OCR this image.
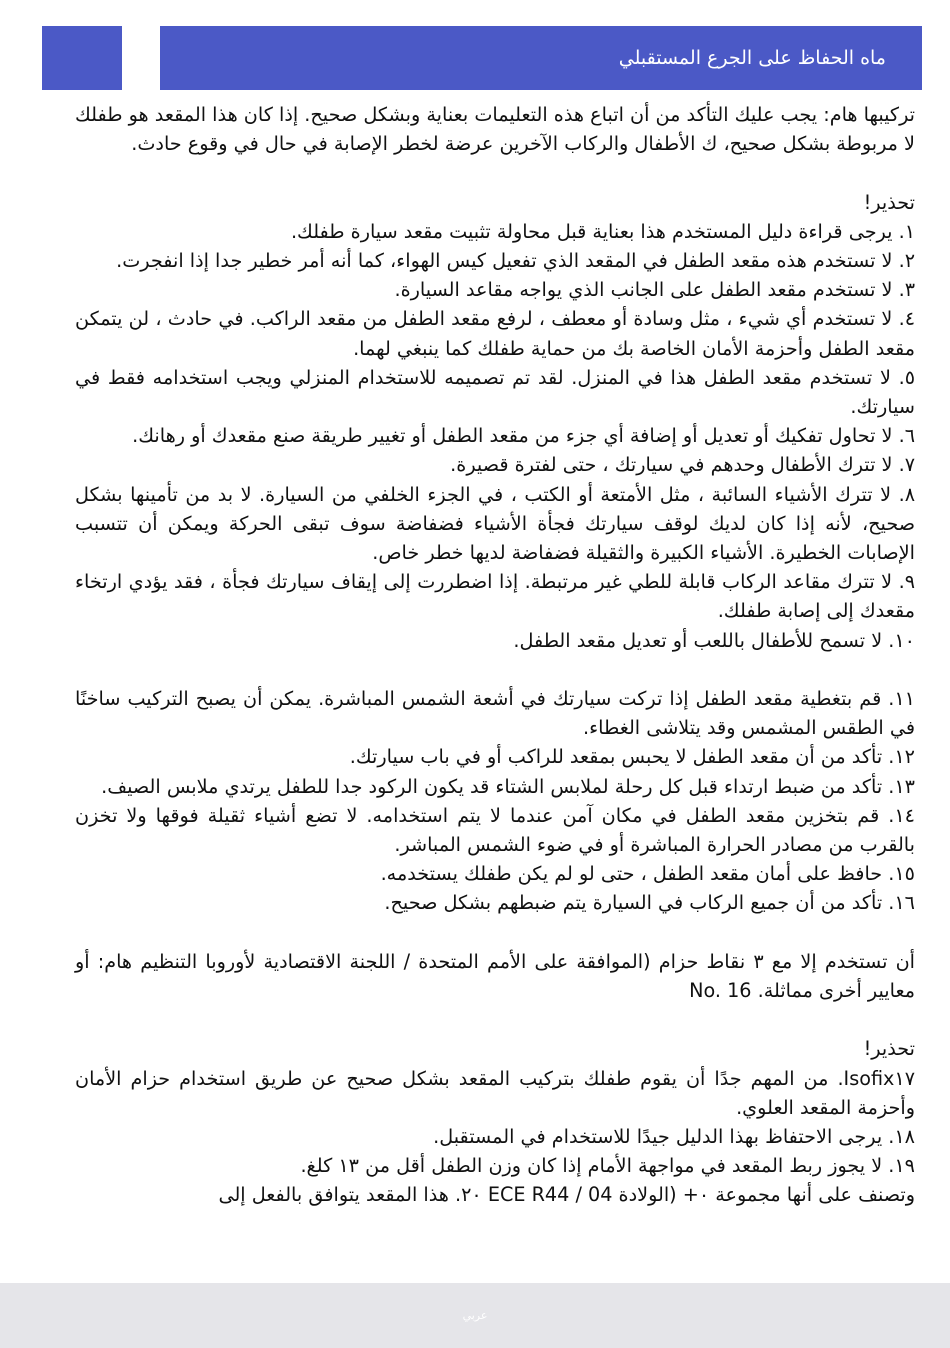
ماه الحفاظ على الجرع المستقبلي

تركيبها هام: يجب عليك التأكد من أن اتباع هذه التعليمات بعناية وبشكل صحيح. إذا كان هذا المقعد هو طفلك لا مربوطة بشكل صحيح، ك الأطفال والركاب الآخرين عرضة لخطر الإصابة في حال في وقوع حادث.

تحذير!

١. يرجى قراءة دليل المستخدم هذا بعناية قبل محاولة تثبيت مقعد سيارة طفلك.

٢. لا تستخدم هذه مقعد الطفل في المقعد الذي تفعيل كيس الهواء، كما أنه أمر خطير جدا إذا انفجرت.

٣. لا تستخدم مقعد الطفل على الجانب الذي يواجه مقاعد السيارة.

٤. لا تستخدم أي شيء ، مثل وسادة أو معطف ، لرفع مقعد الطفل من مقعد الراكب. في حادث ، لن يتمكن مقعد الطفل وأحزمة الأمان الخاصة بك من حماية طفلك كما ينبغي لهما.

٥. لا تستخدم مقعد الطفل هذا في المنزل. لقد تم تصميمه للاستخدام المنزلي ويجب استخدامه فقط في سيارتك.

٦. لا تحاول تفكيك أو تعديل أو إضافة أي جزء من مقعد الطفل أو تغيير طريقة صنع مقعدك أو رهانك.

٧. لا تترك الأطفال وحدهم في سيارتك ، حتى لفترة قصيرة.

٨. لا تترك الأشياء السائبة ، مثل الأمتعة أو الكتب ، في الجزء الخلفي من السيارة. لا بد من تأمينها بشكل صحيح، لأنه إذا كان لديك لوقف سيارتك فجأة الأشياء فضفاضة سوف تبقى الحركة ويمكن أن تتسبب الإصابات الخطيرة. الأشياء الكبيرة والثقيلة فضفاضة لديها خطر خاص.

٩. لا تترك مقاعد الركاب قابلة للطي غير مرتبطة. إذا اضطررت إلى إيقاف سيارتك فجأة ، فقد يؤدي ارتخاء مقعدك إلى إصابة طفلك.

١٠. لا تسمح للأطفال باللعب أو تعديل مقعد الطفل.

١١. قم بتغطية مقعد الطفل إذا تركت سيارتك في أشعة الشمس المباشرة. يمكن أن يصبح التركيب ساخنًا في الطقس المشمس وقد يتلاشى الغطاء.

١٢. تأكد من أن مقعد الطفل لا يحبس بمقعد للراكب أو في باب سيارتك.

١٣. تأكد من ضبط ارتداء قبل كل رحلة لملابس الشتاء قد يكون الركود جدا للطفل يرتدي ملابس الصيف.

١٤. قم بتخزين مقعد الطفل في مكان آمن عندما لا يتم استخدامه. لا تضع أشياء ثقيلة فوقها ولا تخزن بالقرب من مصادر الحرارة المباشرة أو في ضوء الشمس المباشر.

١٥. حافظ على أمان مقعد الطفل ، حتى لو لم يكن طفلك يستخدمه.

١٦. تأكد من أن جميع الركاب في السيارة يتم ضبطهم بشكل صحيح.

أن تستخدم إلا مع ٣ نقاط حزام (الموافقة على الأمم المتحدة / اللجنة الاقتصادية لأوروبا التنظيم هام: أو معايير أخرى مماثلة. No. 16

تحذير!

Isofix١٧. من المهم جدًا أن يقوم طفلك بتركيب المقعد بشكل صحيح عن طريق استخدام حزام الأمان وأحزمة المقعد العلوي.

١٨. يرجى الاحتفاظ بهذا الدليل جيدًا للاستخدام في المستقبل.

١٩. لا يجوز ربط المقعد في مواجهة الأمام إذا كان وزن الطفل أقل من ١٣ كلغ.

وتصنف على أنها مجموعة ٠+ (الولادة ECE R44 / 04 ٢٠. هذا المقعد يتوافق بالفعل إلى

عربي
